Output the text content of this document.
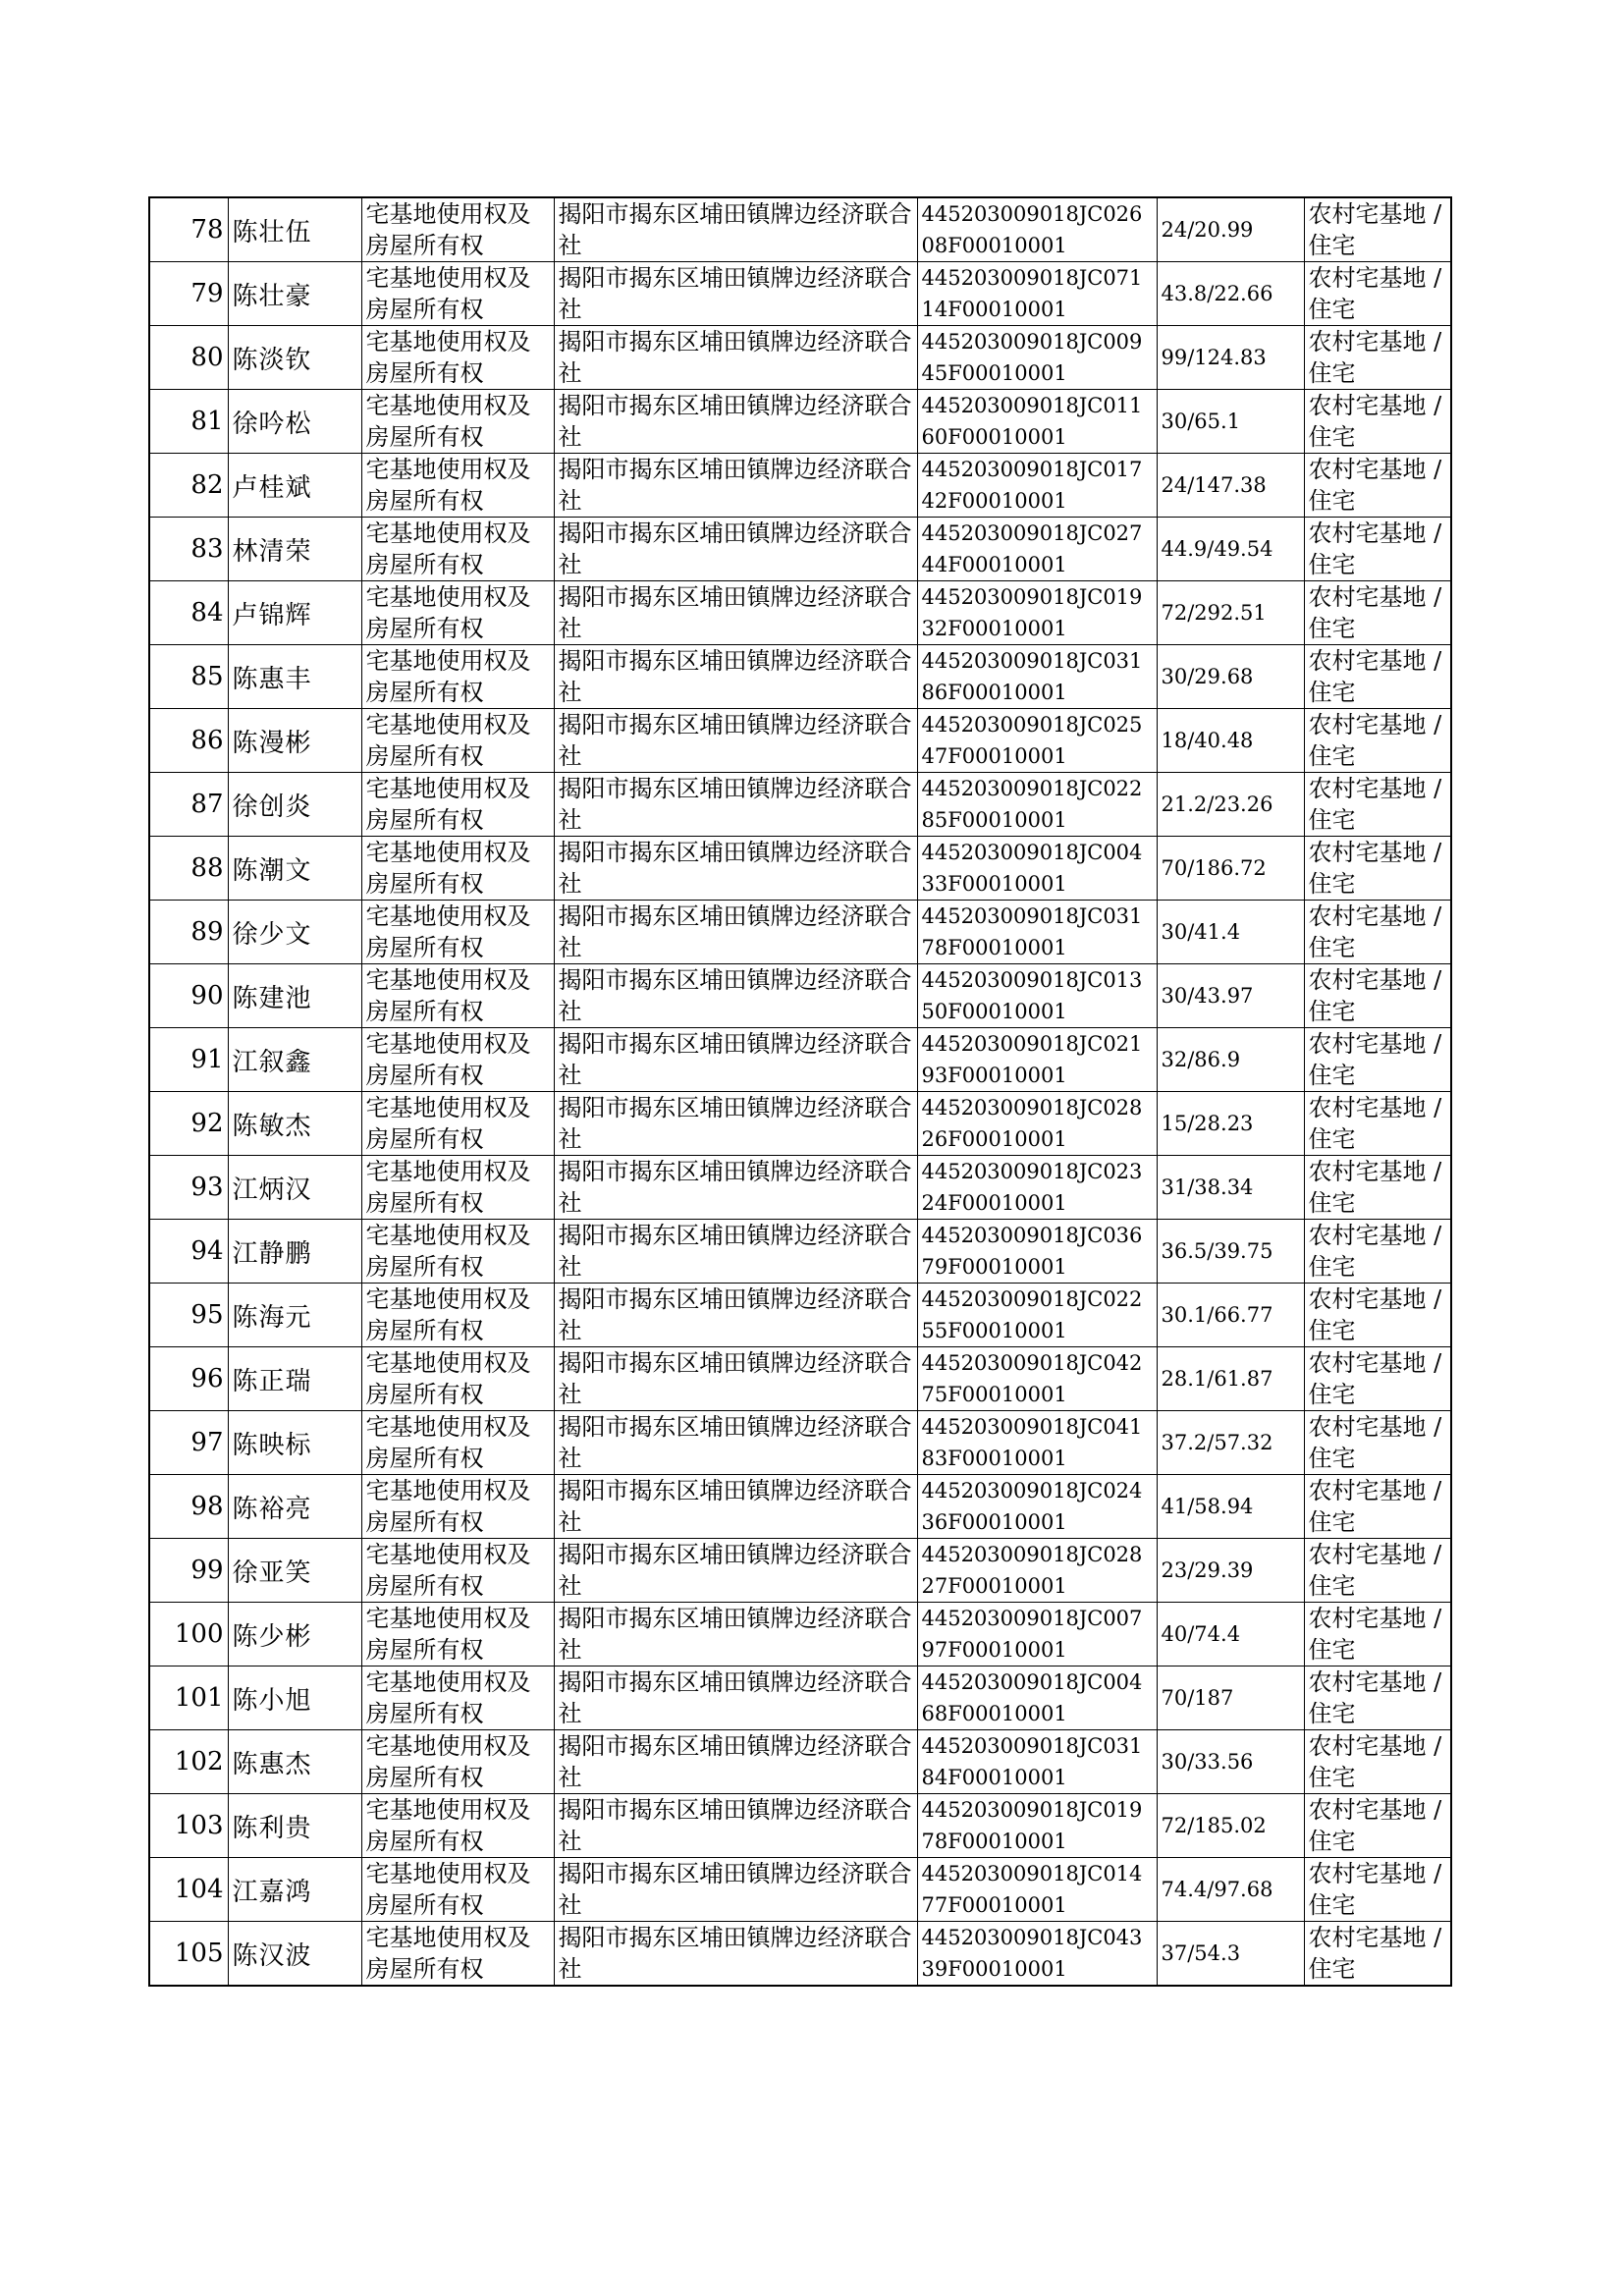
78	陈壮伍	宅基地使用权及房屋所有权	揭阳市揭东区埔田镇牌边经济联合社	445203009018JC02608F00010001	24/20.99	农村宅基地 / 住宅
79	陈壮豪	宅基地使用权及房屋所有权	揭阳市揭东区埔田镇牌边经济联合社	445203009018JC07114F00010001	43.8/22.66	农村宅基地 / 住宅
80	陈淡钦	宅基地使用权及房屋所有权	揭阳市揭东区埔田镇牌边经济联合社	445203009018JC00945F00010001	99/124.83	农村宅基地 / 住宅
81	徐吟松	宅基地使用权及房屋所有权	揭阳市揭东区埔田镇牌边经济联合社	445203009018JC01160F00010001	30/65.1	农村宅基地 / 住宅
82	卢桂斌	宅基地使用权及房屋所有权	揭阳市揭东区埔田镇牌边经济联合社	445203009018JC01742F00010001	24/147.38	农村宅基地 / 住宅
83	林清荣	宅基地使用权及房屋所有权	揭阳市揭东区埔田镇牌边经济联合社	445203009018JC02744F00010001	44.9/49.54	农村宅基地 / 住宅
84	卢锦辉	宅基地使用权及房屋所有权	揭阳市揭东区埔田镇牌边经济联合社	445203009018JC01932F00010001	72/292.51	农村宅基地 / 住宅
85	陈惠丰	宅基地使用权及房屋所有权	揭阳市揭东区埔田镇牌边经济联合社	445203009018JC03186F00010001	30/29.68	农村宅基地 / 住宅
86	陈漫彬	宅基地使用权及房屋所有权	揭阳市揭东区埔田镇牌边经济联合社	445203009018JC02547F00010001	18/40.48	农村宅基地 / 住宅
87	徐创炎	宅基地使用权及房屋所有权	揭阳市揭东区埔田镇牌边经济联合社	445203009018JC02285F00010001	21.2/23.26	农村宅基地 / 住宅
88	陈潮文	宅基地使用权及房屋所有权	揭阳市揭东区埔田镇牌边经济联合社	445203009018JC00433F00010001	70/186.72	农村宅基地 / 住宅
89	徐少文	宅基地使用权及房屋所有权	揭阳市揭东区埔田镇牌边经济联合社	445203009018JC03178F00010001	30/41.4	农村宅基地 / 住宅
90	陈建池	宅基地使用权及房屋所有权	揭阳市揭东区埔田镇牌边经济联合社	445203009018JC01350F00010001	30/43.97	农村宅基地 / 住宅
91	江叙鑫	宅基地使用权及房屋所有权	揭阳市揭东区埔田镇牌边经济联合社	445203009018JC02193F00010001	32/86.9	农村宅基地 / 住宅
92	陈敏杰	宅基地使用权及房屋所有权	揭阳市揭东区埔田镇牌边经济联合社	445203009018JC02826F00010001	15/28.23	农村宅基地 / 住宅
93	江炳汉	宅基地使用权及房屋所有权	揭阳市揭东区埔田镇牌边经济联合社	445203009018JC02324F00010001	31/38.34	农村宅基地 / 住宅
94	江静鹏	宅基地使用权及房屋所有权	揭阳市揭东区埔田镇牌边经济联合社	445203009018JC03679F00010001	36.5/39.75	农村宅基地 / 住宅
95	陈海元	宅基地使用权及房屋所有权	揭阳市揭东区埔田镇牌边经济联合社	445203009018JC02255F00010001	30.1/66.77	农村宅基地 / 住宅
96	陈正瑞	宅基地使用权及房屋所有权	揭阳市揭东区埔田镇牌边经济联合社	445203009018JC04275F00010001	28.1/61.87	农村宅基地 / 住宅
97	陈映标	宅基地使用权及房屋所有权	揭阳市揭东区埔田镇牌边经济联合社	445203009018JC04183F00010001	37.2/57.32	农村宅基地 / 住宅
98	陈裕亮	宅基地使用权及房屋所有权	揭阳市揭东区埔田镇牌边经济联合社	445203009018JC02436F00010001	41/58.94	农村宅基地 / 住宅
99	徐亚笑	宅基地使用权及房屋所有权	揭阳市揭东区埔田镇牌边经济联合社	445203009018JC02827F00010001	23/29.39	农村宅基地 / 住宅
100	陈少彬	宅基地使用权及房屋所有权	揭阳市揭东区埔田镇牌边经济联合社	445203009018JC00797F00010001	40/74.4	农村宅基地 / 住宅
101	陈小旭	宅基地使用权及房屋所有权	揭阳市揭东区埔田镇牌边经济联合社	445203009018JC00468F00010001	70/187	农村宅基地 / 住宅
102	陈惠杰	宅基地使用权及房屋所有权	揭阳市揭东区埔田镇牌边经济联合社	445203009018JC03184F00010001	30/33.56	农村宅基地 / 住宅
103	陈利贵	宅基地使用权及房屋所有权	揭阳市揭东区埔田镇牌边经济联合社	445203009018JC01978F00010001	72/185.02	农村宅基地 / 住宅
104	江嘉鸿	宅基地使用权及房屋所有权	揭阳市揭东区埔田镇牌边经济联合社	445203009018JC01477F00010001	74.4/97.68	农村宅基地 / 住宅
105	陈汉波	宅基地使用权及房屋所有权	揭阳市揭东区埔田镇牌边经济联合社	445203009018JC04339F00010001	37/54.3	农村宅基地 / 住宅
